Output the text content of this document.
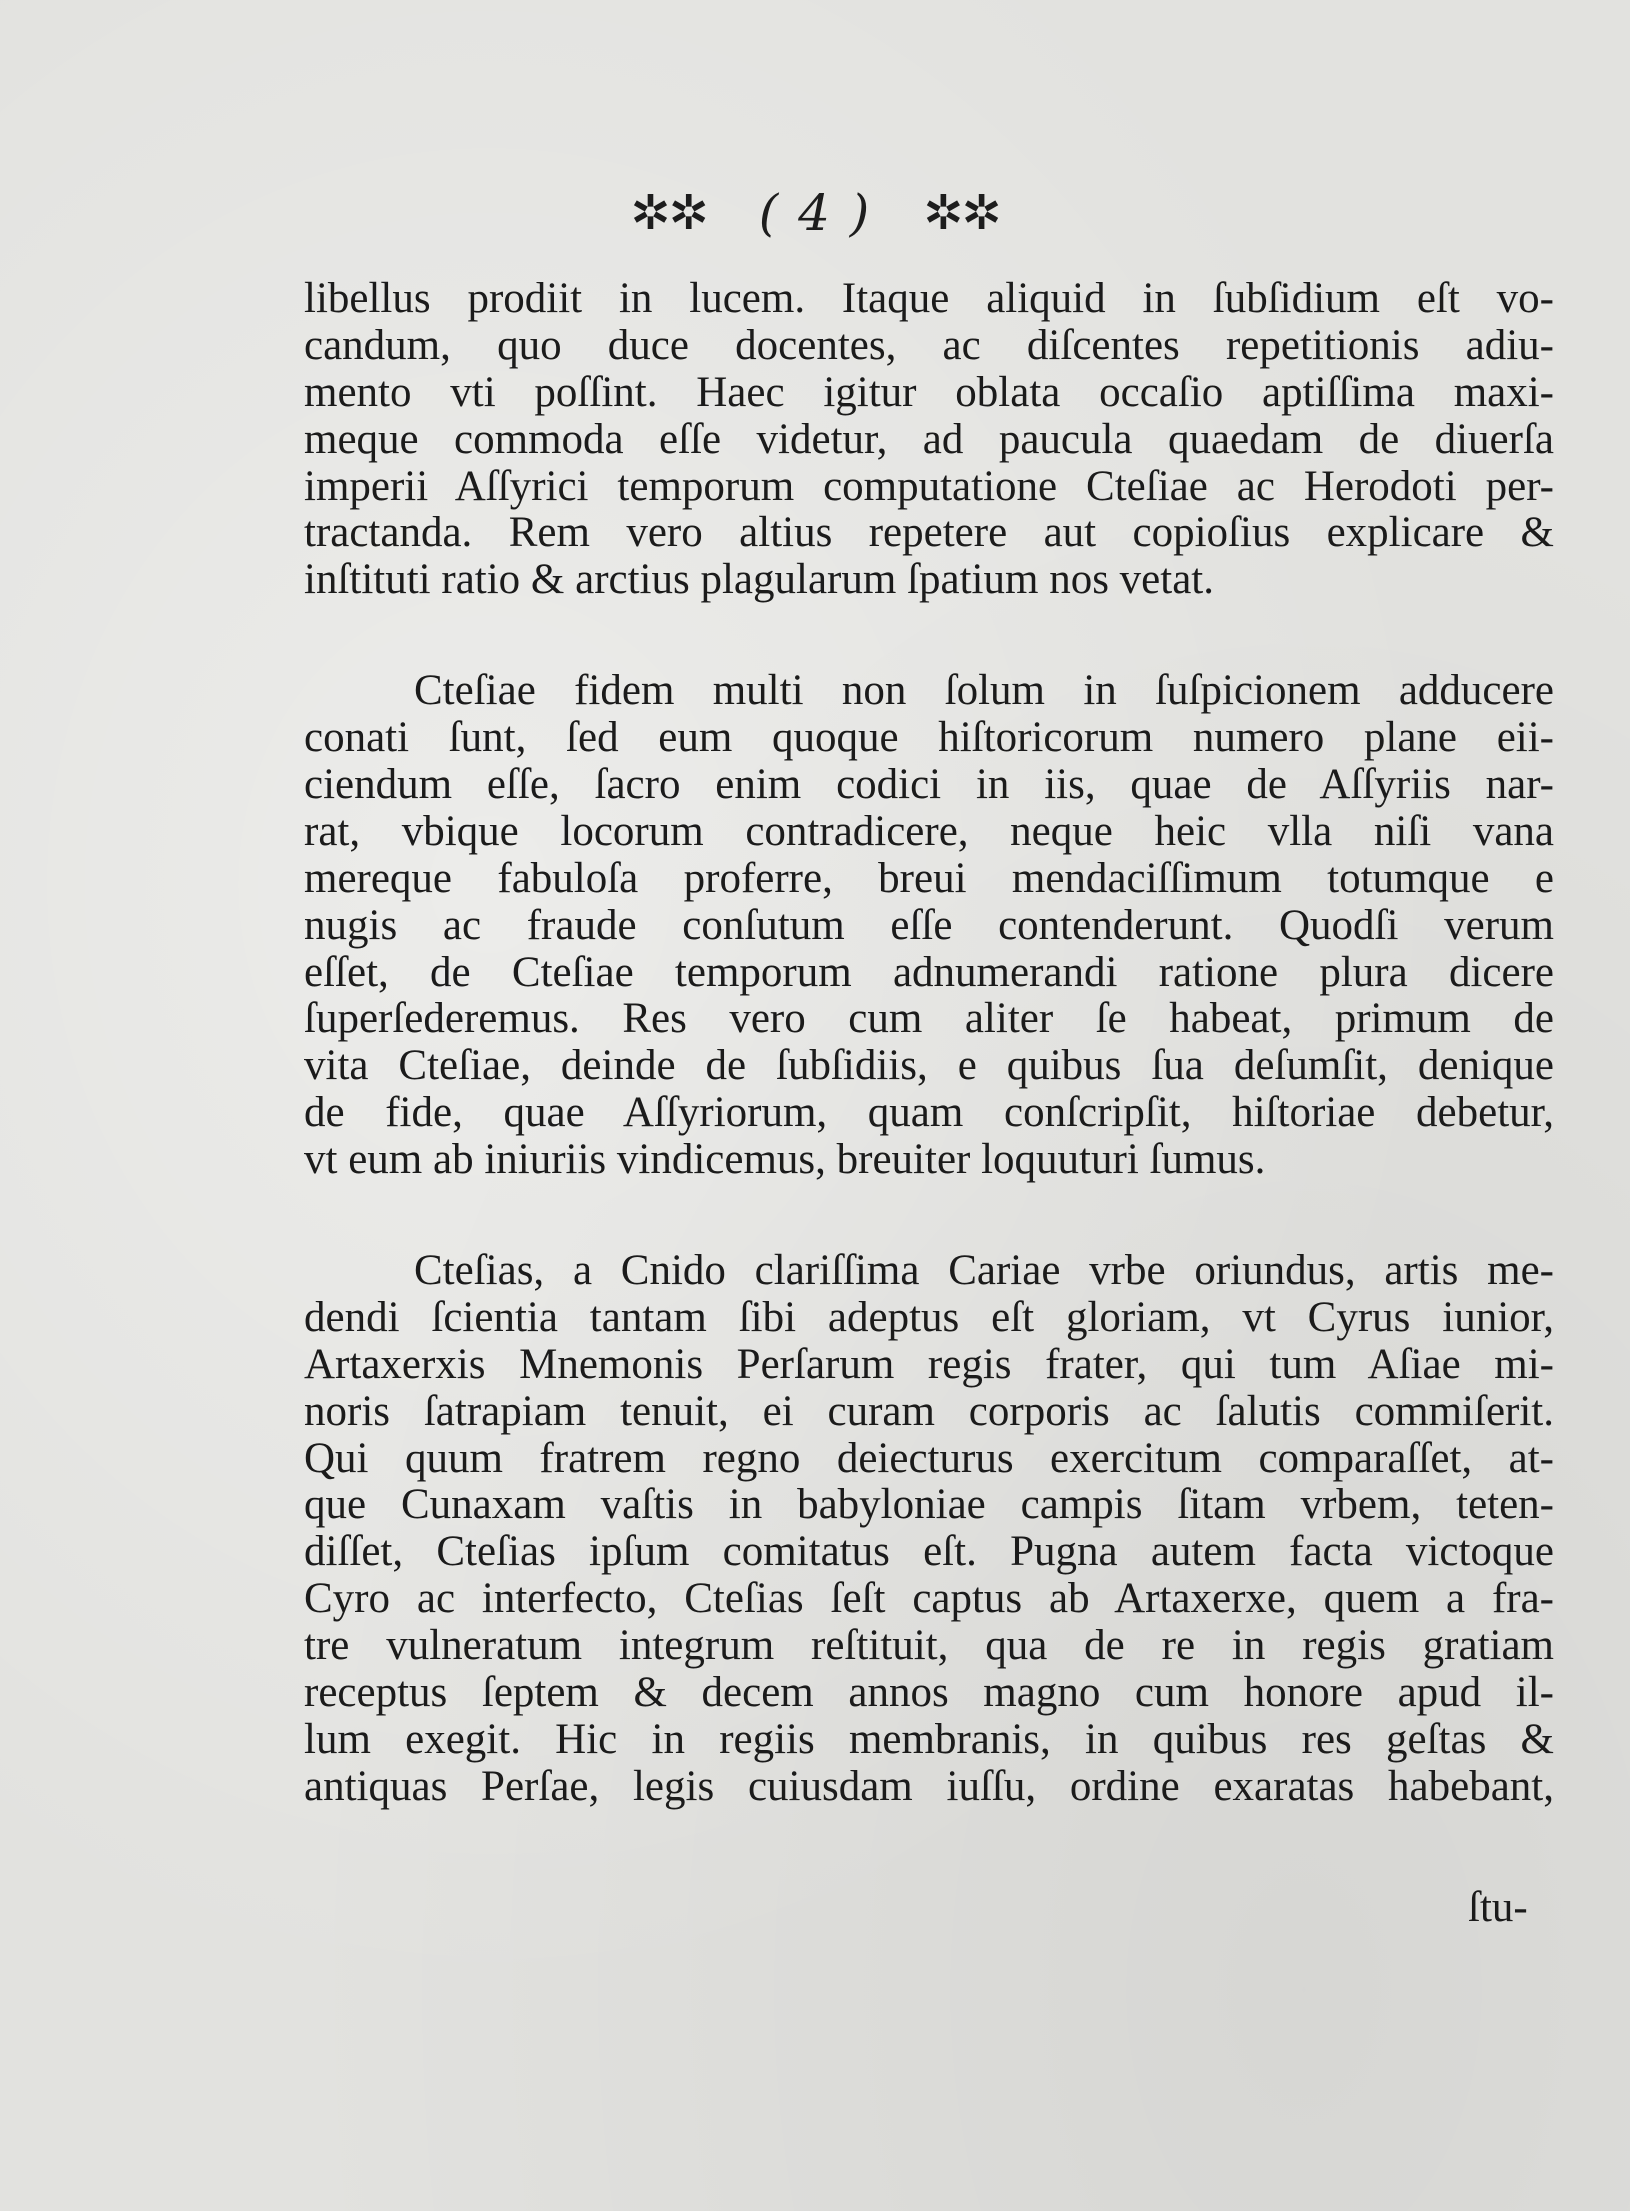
✲✲ ( 4 ) ✲✲
libellus prodiit in lucem. Itaque aliquid in ſubſidium eſt vo-
candum, quo duce docentes, ac diſcentes repetitionis adiu-
mento vti poſſint. Haec igitur oblata occaſio aptiſſima maxi-
meque commoda eſſe videtur, ad paucula quaedam de diuerſa
imperii Aſſyrici temporum computatione Cteſiae ac Herodoti per-
tractanda. Rem vero altius repetere aut copioſius explicare &
inſtituti ratio & arctius plagularum ſpatium nos vetat.
Cteſiae fidem multi non ſolum in ſuſpicionem adducere
conati ſunt, ſed eum quoque hiſtoricorum numero plane eii-
ciendum eſſe, ſacro enim codici in iis, quae de Aſſyriis nar-
rat, vbique locorum contradicere, neque heic vlla niſi vana
mereque fabuloſa proferre, breui mendaciſſimum totumque e
nugis ac fraude conſutum eſſe contenderunt. Quodſi verum
eſſet, de Cteſiae temporum adnumerandi ratione plura dicere
ſuperſederemus. Res vero cum aliter ſe habeat, primum de
vita Cteſiae, deinde de ſubſidiis, e quibus ſua deſumſit, denique
de fide, quae Aſſyriorum, quam conſcripſit, hiſtoriae debetur,
vt eum ab iniuriis vindicemus, breuiter loquuturi ſumus.
Cteſias, a Cnido clariſſima Cariae vrbe oriundus, artis me-
dendi ſcientia tantam ſibi adeptus eſt gloriam, vt Cyrus iunior,
Artaxerxis Mnemonis Perſarum regis frater, qui tum Aſiae mi-
noris ſatrapiam tenuit, ei curam corporis ac ſalutis commiſerit.
Qui quum fratrem regno deiecturus exercitum comparaſſet, at-
que Cunaxam vaſtis in babyloniae campis ſitam vrbem, teten-
diſſet, Cteſias ipſum comitatus eſt. Pugna autem facta victoque
Cyro ac interfecto, Cteſias ſeſt captus ab Artaxerxe, quem a fra-
tre vulneratum integrum reſtituit, qua de re in regis gratiam
receptus ſeptem & decem annos magno cum honore apud il-
lum exegit. Hic in regiis membranis, in quibus res geſtas &
antiquas Perſae, legis cuiusdam iuſſu, ordine exaratas habebant,
ſtu-
